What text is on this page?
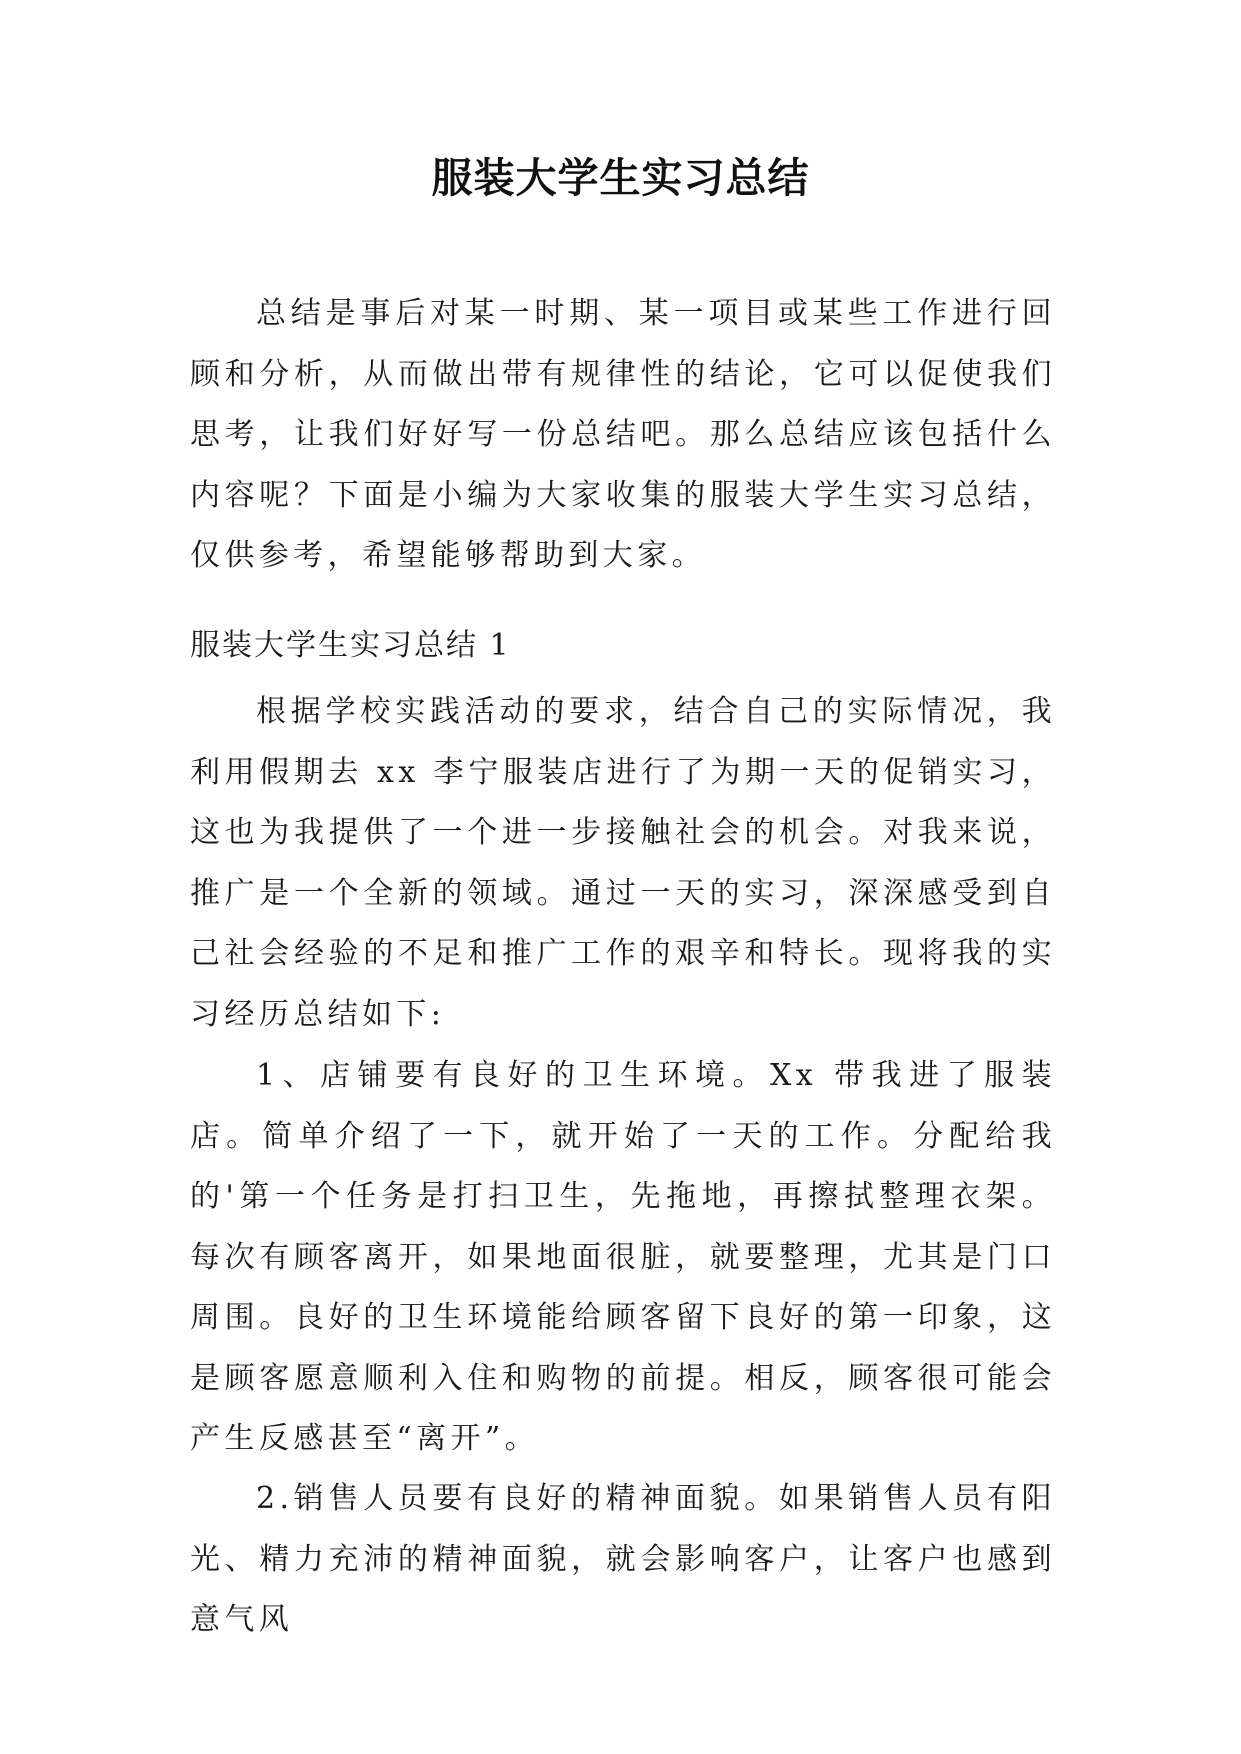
服装大学生实习总结

总结是事后对某一时期、某一项目或某些工作进行回顾和分析，从而做出带有规律性的结论，它可以促使我们思考，让我们好好写一份总结吧。那么总结应该包括什么内容呢？下面是小编为大家收集的服装大学生实习总结，仅供参考，希望能够帮助到大家。

服装大学生实习总结 1

根据学校实践活动的要求，结合自己的实际情况，我利用假期去 xx 李宁服装店进行了为期一天的促销实习，这也为我提供了一个进一步接触社会的机会。对我来说，推广是一个全新的领域。通过一天的实习，深深感受到自己社会经验的不足和推广工作的艰辛和特长。现将我的实习经历总结如下:

1、店铺要有良好的卫生环境。Xx 带我进了服装店。简单介绍了一下，就开始了一天的工作。分配给我的'第一个任务是打扫卫生，先拖地，再擦拭整理衣架。每次有顾客离开，如果地面很脏，就要整理，尤其是门口周围。良好的卫生环境能给顾客留下良好的第一印象，这是顾客愿意顺利入住和购物的前提。相反，顾客很可能会产生反感甚至“离开”。

2.销售人员要有良好的精神面貌。如果销售人员有阳光、精力充沛的精神面貌，就会影响客户，让客户也感到意气风
